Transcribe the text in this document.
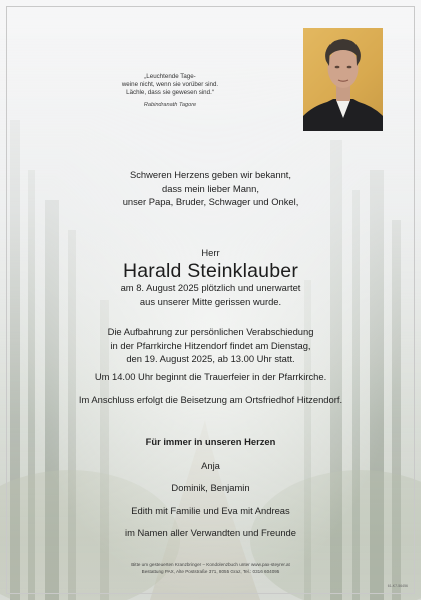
„Leuchtende Tage-
weine nicht, wenn sie vorüber sind.
Lächle, dass sie gewesen sind.“
Rabindranath Tagore
Schweren Herzens geben wir bekannt,
dass mein lieber Mann,
unser Papa, Bruder, Schwager und Onkel,
Herr
Harald Steinklauber
am 8. August 2025 plötzlich und unerwartet
aus unserer Mitte gerissen wurde.
Die Aufbahrung zur persönlichen Verabschiedung
in der Pfarrkirche Hitzendorf findet am Dienstag,
den 19. August 2025, ab 13.00 Uhr statt.
Um 14.00 Uhr beginnt die Trauerfeier in der Pfarrkirche.
Im Anschluss erfolgt die Beisetzung am Ortsfriedhof Hitzendorf.
Für immer in unseren Herzen
Anja
Dominik, Benjamin
Edith mit Familie und Eva mit Andreas
im Namen aller Verwandten und Freunde
Bitte um gesteuerten Kranzbringer – Kondolenzbuch unter www.pax-steyrer.at
Bestattung PAX, Alte Poststraße 371, 8055 Graz, Tel.: 0316 604095
61-K7-56456
